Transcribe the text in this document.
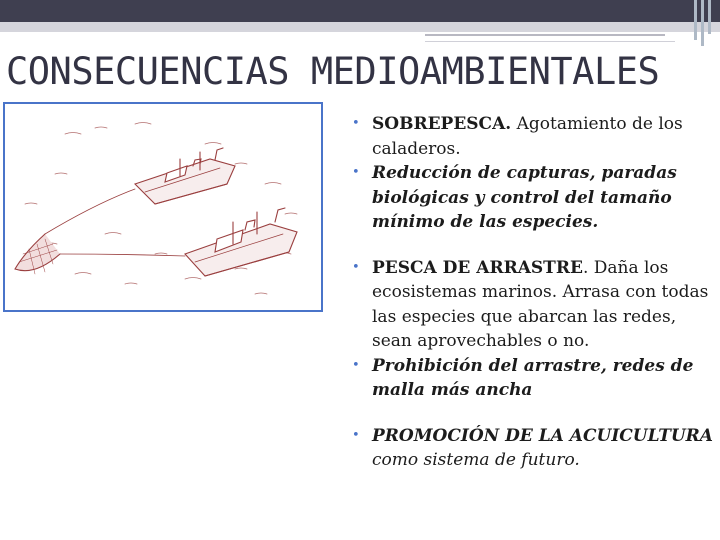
CONSECUENCIAS MEDIOAMBIENTALES
• SOBREPESCA. Agotamiento de los caladeros.
• Reducción de capturas, paradas biológicas y control del tamaño mínimo de las especies.
• PESCA DE ARRASTRE. Daña los ecosistemas marinos. Arrasa con todas las especies que abarcan las redes, sean aprovechables o no.
• Prohibición del arrastre, redes de malla más ancha
• PROMOCIÓN DE LA ACUICULTURA como sistema de futuro.
